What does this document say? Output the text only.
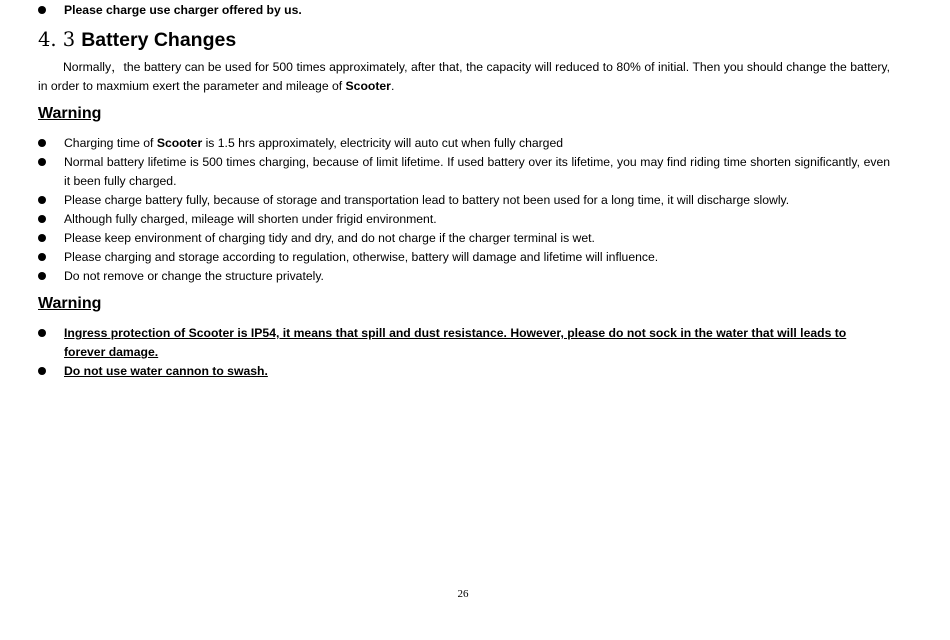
Please charge use charger offered by us.
4. 3 Battery Changes
Normally，the battery can be used for 500 times approximately, after that, the capacity will reduced to 80% of initial. Then you should change the battery, in order to maxmium exert the parameter and mileage of Scooter.
Warning
Charging time of Scooter is 1.5 hrs approximately, electricity will auto cut when fully charged
Normal battery lifetime is 500 times charging, because of limit lifetime. If used battery over its lifetime, you may find riding time shorten significantly, even it been fully charged.
Please charge battery fully, because of storage and transportation lead to battery not been used for a long time, it will discharge slowly.
Although fully charged, mileage will shorten under frigid environment.
Please keep environment of charging tidy and dry, and do not charge if the charger terminal is wet.
Please charging and storage according to regulation, otherwise, battery will damage and lifetime will influence.
Do not remove or change the structure privately.
Warning
Ingress protection of Scooter is IP54, it means that spill and dust resistance. However, please do not sock in the water that will leads to forever damage.
Do not use water cannon to swash.
26
